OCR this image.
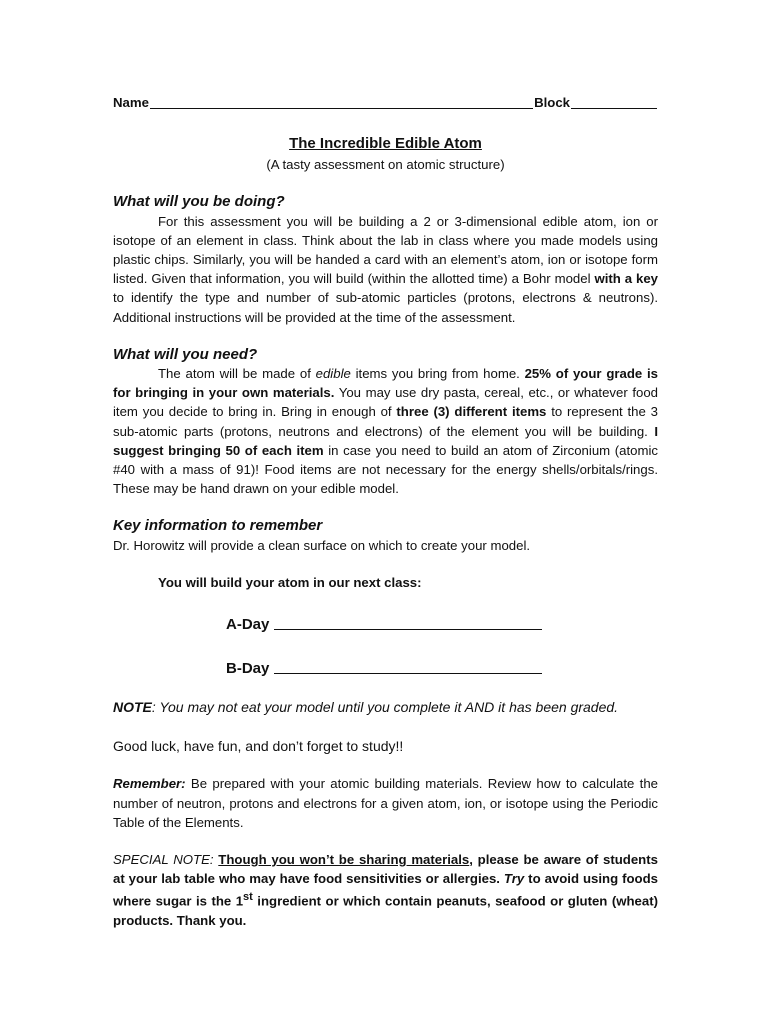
Name	Block
The Incredible Edible Atom
(A tasty assessment on atomic structure)
What will you be doing?

For this assessment you will be building a 2 or 3-dimensional edible atom, ion or isotope of an element in class. Think about the lab in class where you made models using plastic chips. Similarly, you will be handed a card with an element’s atom, ion or isotope form listed. Given that information, you will build (within the allotted time) a Bohr model with a key to identify the type and number of sub-atomic particles (protons, electrons & neutrons). Additional instructions will be provided at the time of the assessment.

What will you need?

The atom will be made of edible items you bring from home. 25% of your grade is for bringing in your own materials. You may use dry pasta, cereal, etc., or whatever food item you decide to bring in. Bring in enough of three (3) different items to represent the 3 sub-atomic parts (protons, neutrons and electrons) of the element you will be building. I suggest bringing 50 of each item in case you need to build an atom of Zirconium (atomic #40 with a mass of 91)! Food items are not necessary for the energy shells/orbitals/rings. These may be hand drawn on your edible model.

Key information to remember

Dr. Horowitz will provide a clean surface on which to create your model.

You will build your atom in our next class:
A-Day
B-Day

NOTE: You may not eat your model until you complete it AND it has been graded.

Good luck, have fun, and don’t forget to study!!

Remember: Be prepared with your atomic building materials. Review how to calculate the number of neutron, protons and electrons for a given atom, ion, or isotope using the Periodic Table of the Elements.

SPECIAL NOTE: Though you won’t be sharing materials, please be aware of students at your lab table who may have food sensitivities or allergies. Try to avoid using foods where sugar is the 1st ingredient or which contain peanuts, seafood or gluten (wheat) products. Thank you.
